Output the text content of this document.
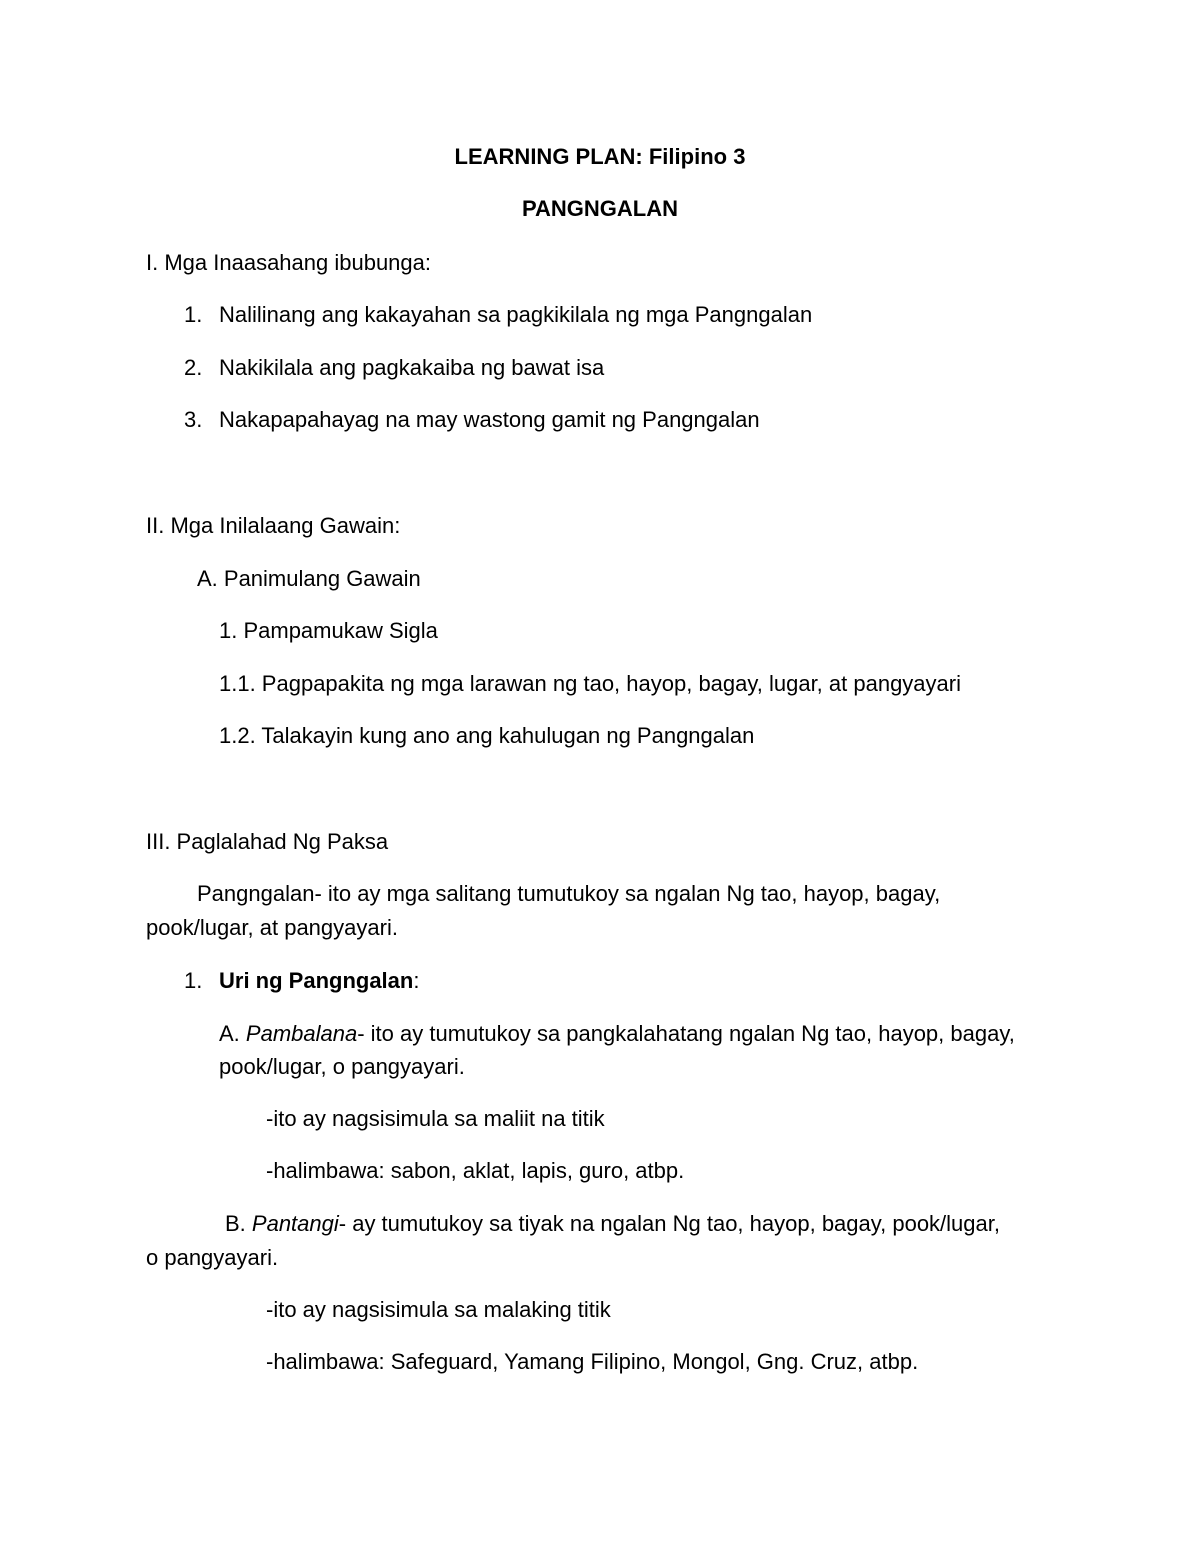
LEARNING PLAN: Filipino 3
PANGNGALAN
I. Mga Inaasahang ibubunga:
1. Nalilinang ang kakayahan sa pagkikilala ng mga Pangngalan
2. Nakikilala ang pagkakaiba ng bawat isa
3. Nakapapahayag na may wastong gamit ng Pangngalan
II. Mga Inilalaang Gawain:
A. Panimulang Gawain
1. Pampamukaw Sigla
1.1. Pagpapakita ng mga larawan ng tao, hayop, bagay, lugar, at pangyayari
1.2. Talakayin kung ano ang kahulugan ng Pangngalan
III. Paglalahad Ng Paksa
Pangngalan- ito ay mga salitang tumutukoy sa ngalan Ng tao, hayop, bagay,
pook/lugar, at pangyayari.
1. Uri ng Pangngalan:
A. Pambalana- ito ay tumutukoy sa pangkalahatang ngalan Ng tao, hayop, bagay,
pook/lugar, o pangyayari.
-ito ay nagsisimula sa maliit na titik
-halimbawa: sabon, aklat, lapis, guro, atbp.
B. Pantangi- ay tumutukoy sa tiyak na ngalan Ng tao, hayop, bagay, pook/lugar,
o pangyayari.
-ito ay nagsisimula sa malaking titik
-halimbawa: Safeguard, Yamang Filipino, Mongol, Gng. Cruz, atbp.
